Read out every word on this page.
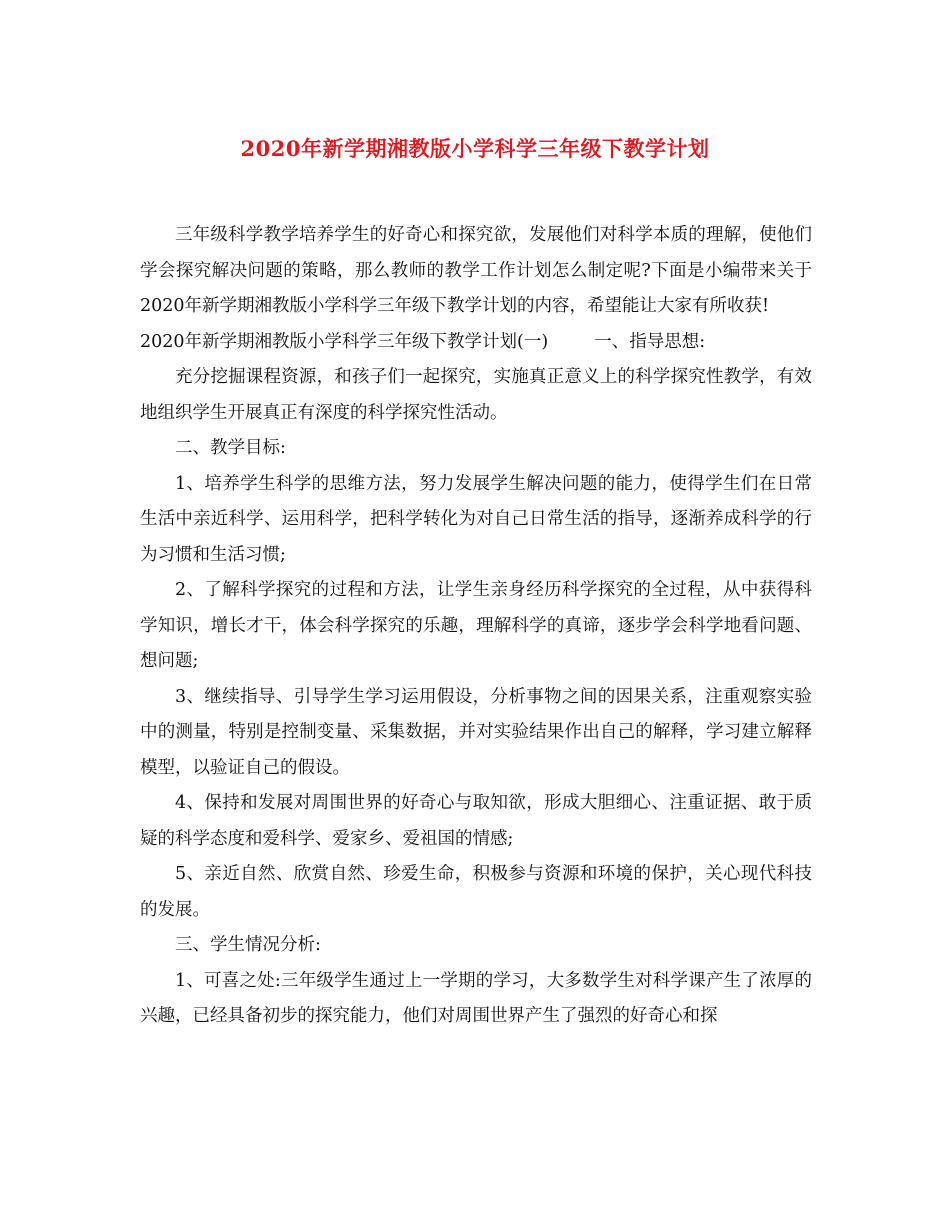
2020年新学期湘教版小学科学三年级下教学计划

三年级科学教学培养学生的好奇心和探究欲，发展他们对科学本质的理解，使他们学会探究解决问题的策略，那么教师的教学工作计划怎么制定呢?下面是小编带来关于2020年新学期湘教版小学科学三年级下教学计划的内容，希望能让大家有所收获!

2020年新学期湘教版小学科学三年级下教学计划(一)	一、指导思想:

充分挖掘课程资源，和孩子们一起探究，实施真正意义上的科学探究性教学，有效地组织学生开展真正有深度的科学探究性活动。

二、教学目标:

1、培养学生科学的思维方法，努力发展学生解决问题的能力，使得学生们在日常生活中亲近科学、运用科学，把科学转化为对自己日常生活的指导，逐渐养成科学的行为习惯和生活习惯;

2、了解科学探究的过程和方法，让学生亲身经历科学探究的全过程，从中获得科学知识，增长才干，体会科学探究的乐趣，理解科学的真谛，逐步学会科学地看问题、想问题;

3、继续指导、引导学生学习运用假设，分析事物之间的因果关系，注重观察实验中的测量，特别是控制变量、采集数据，并对实验结果作出自己的解释，学习建立解释模型，以验证自己的假设。

4、保持和发展对周围世界的好奇心与取知欲，形成大胆细心、注重证据、敢于质疑的科学态度和爱科学、爱家乡、爱祖国的情感;

5、亲近自然、欣赏自然、珍爱生命，积极参与资源和环境的保护，关心现代科技的发展。

三、学生情况分析:

1、可喜之处:三年级学生通过上一学期的学习，大多数学生对科学课产生了浓厚的兴趣，已经具备初步的探究能力，他们对周围世界产生了强烈的好奇心和探
